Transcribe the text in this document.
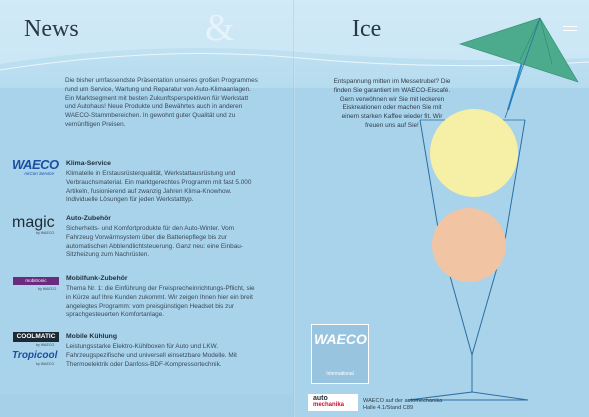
News	&	Ice
Die bisher umfassendste Präsentation unseres großen Programmes rund um Service, Wartung und Reparatur von Auto-Klimaanlagen. Ein Marktsegment mit besten Zukunftsperspektiven für Werkstatt und Autohaus! Neue Produkte und Bewährtes auch in anderen WAECO-Stammbereichen. In gewohnt guter Qualität und zu vernünftigen Preisen.
Klima-Service
Klimateile in Erstausrüsterqualität, Werkstattausrüstung und Verbrauchsmaterial. Ein marktgerechtes Programm mit fast 5.000 Artikeln, fusionierend auf zwanzig Jahren Klima-Knowhow. Individuelle Lösungen für jeden Werkstatttyp.
Auto-Zubehör
Sicherheits- und Komfortprodukte für den Auto-Winter. Vom Fahrzeug Vorwärmsystem über die Batteriepflege bis zur automatischen Abblendlichtsteuerung. Ganz neu: eine Einbau-Sitzheizung zum Nachrüsten.
Mobilfunk-Zubehör
Thema Nr. 1: die Einführung der Freisprecheinrichtungs-Pflicht, sie in Kürze auf Ihre Kunden zukommt. Wir zeigen Ihnen hier ein breit angelegtes Programm: vom preisgünstigen Headset bis zur sprachgesteuerten Komfortanlage.
Mobile Kühlung
Leistungsstarke Elektro-Kühlboxen für Auto und LKW. Fahrzeugspezifische und universell einsetzbare Modelle. Mit Thermoelektrik oder Danfoss-BDF-Kompressortechnik.
WAECO
AirCon Service
magic
by WAECO
mobitronic
by WAECO
COOLMATIC
by WAECO
Tropicool
by WAECO
Entspannung mitten im Messetrubel? Die finden Sie garantiert im WAECO-Eiscafé. Gern verwöhnen wir Sie mit leckeren Eiskreationen oder machen Sie mit einem starken Kaffee wieder fit. Wir freuen uns auf Sie!
WAECO
International
auto
mechanika
WAECO auf der automechanika
Halle 4.1/Stand C89
